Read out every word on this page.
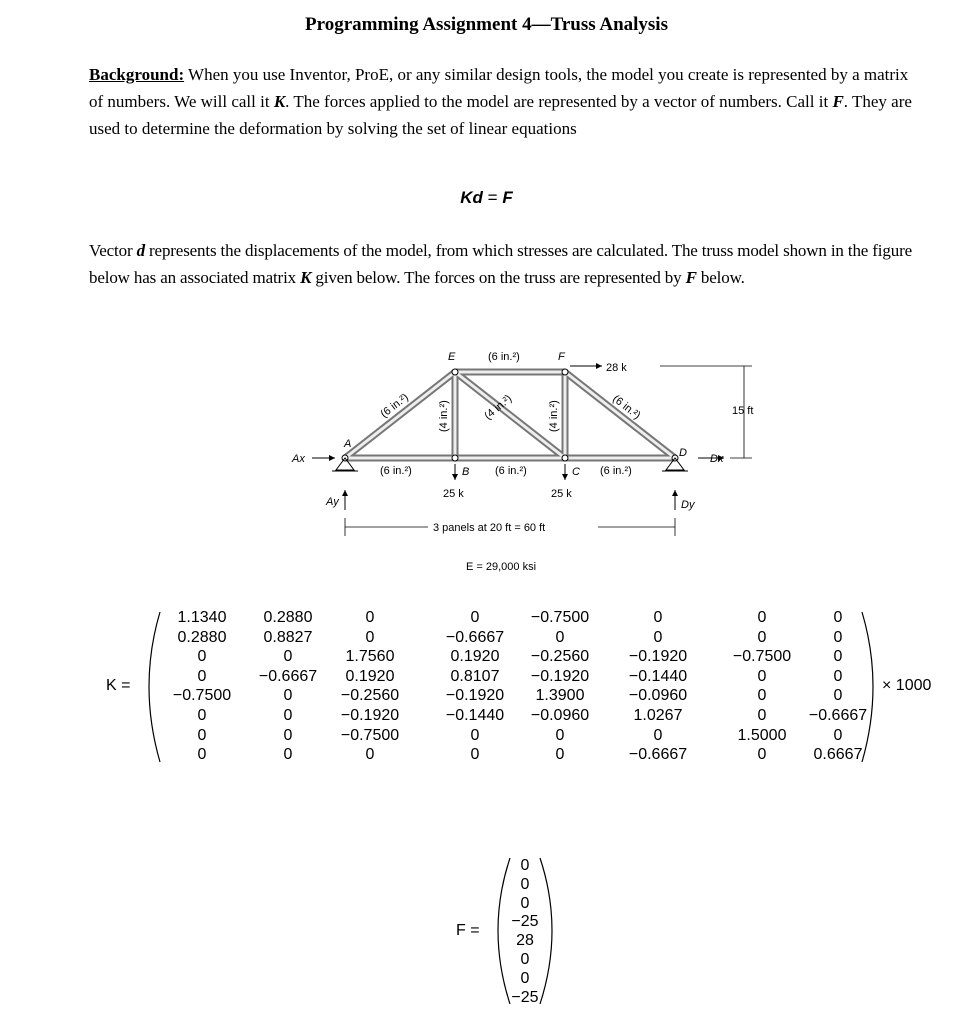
Programming Assignment 4—Truss Analysis

Background: When you use Inventor, ProE, or any similar design tools, the model you create is represented by a matrix of numbers. We will call it K. The forces applied to the model are represented by a vector of numbers. Call it F. They are used to determine the deformation by solving the set of linear equations

Kd = F

Vector d represents the displacements of the model, from which stresses are calculated. The truss model shown in the figure below has an associated matrix K given below. The forces on the truss are represented by F below.

E	F
A
B	C
D
(6 in.²)
(6 in.²)	(6 in.²)	(6 in.²)
(6 in.²)	(6 in.²)
(4 in.²)
(4 in.²)	(4 in.²)
28 k
25 k	25 k
Ax
Ay
Dx
Dy
15 ft
3 panels at 20 ft = 60 ft
E = 29,000 ksi
K =	× 1000
1.1340	0.2880	0	0	−0.7500	0	0	0
0.2880	0.8827	0	−0.6667	0	0	0	0
0	0	1.7560	0.1920	−0.2560	−0.1920	−0.7500	0
0	−0.6667	0.1920	0.8107	−0.1920	−0.1440	0	0
−0.7500	0	−0.2560	−0.1920	1.3900	−0.0960	0	0
0	0	−0.1920	−0.1440	−0.0960	1.0267	0	−0.6667
0	0	−0.7500	0	0	0	1.5000	0
0	0	0	0	0	−0.6667	0	0.6667
F =
0
0
0
−25
28
0
0
−25
